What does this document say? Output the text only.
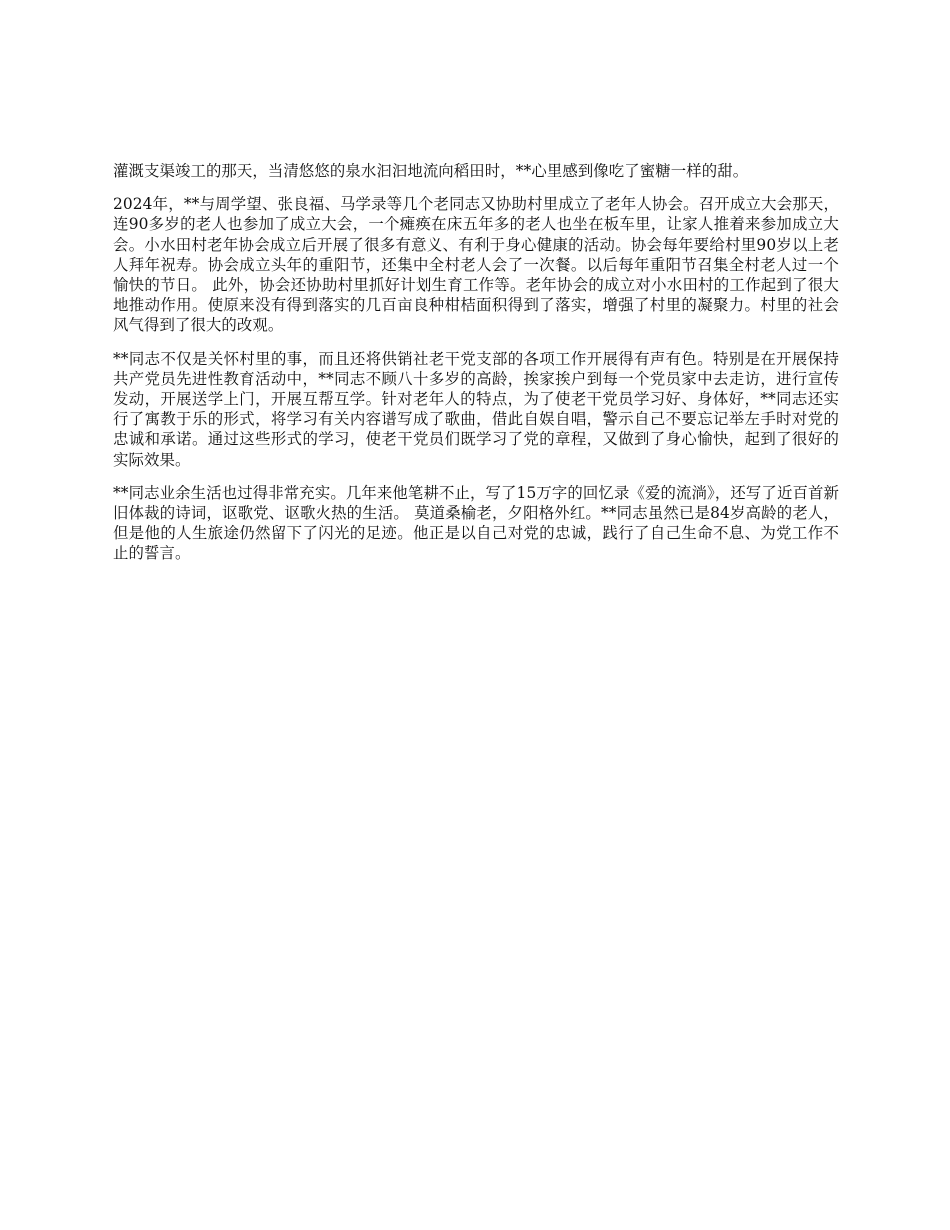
灌溉支渠竣工的那天，当清悠悠的泉水汩汩地流向稻田时，**心里感到像吃了蜜糖一样的甜。

2024年，**与周学望、张良福、马学录等几个老同志又协助村里成立了老年人协会。召开成立大会那天，连90多岁的老人也参加了成立大会，一个瘫痪在床五年多的老人也坐在板车里，让家人推着来参加成立大会。小水田村老年协会成立后开展了很多有意义、有利于身心健康的活动。协会每年要给村里90岁以上老人拜年祝寿。协会成立头年的重阳节，还集中全村老人会了一次餐。以后每年重阳节召集全村老人过一个愉快的节日。 此外，协会还协助村里抓好计划生育工作等。老年协会的成立对小水田村的工作起到了很大地推动作用。使原来没有得到落实的几百亩良种柑桔面积得到了落实，增强了村里的凝聚力。村里的社会风气得到了很大的改观。

**同志不仅是关怀村里的事，而且还将供销社老干党支部的各项工作开展得有声有色。特别是在开展保持共产党员先进性教育活动中，**同志不顾八十多岁的高龄，挨家挨户到每一个党员家中去走访，进行宣传发动，开展送学上门，开展互帮互学。针对老年人的特点，为了使老干党员学习好、身体好，**同志还实行了寓教于乐的形式，将学习有关内容谱写成了歌曲，借此自娱自唱，警示自己不要忘记举左手时对党的忠诚和承诺。通过这些形式的学习，使老干党员们既学习了党的章程，又做到了身心愉快，起到了很好的实际效果。

**同志业余生活也过得非常充实。几年来他笔耕不止，写了15万字的回忆录《爱的流淌》，还写了近百首新旧体裁的诗词，讴歌党、讴歌火热的生活。 莫道桑榆老，夕阳格外红。**同志虽然已是84岁高龄的老人，但是他的人生旅途仍然留下了闪光的足迹。他正是以自己对党的忠诚，践行了自己生命不息、为党工作不止的誓言。
